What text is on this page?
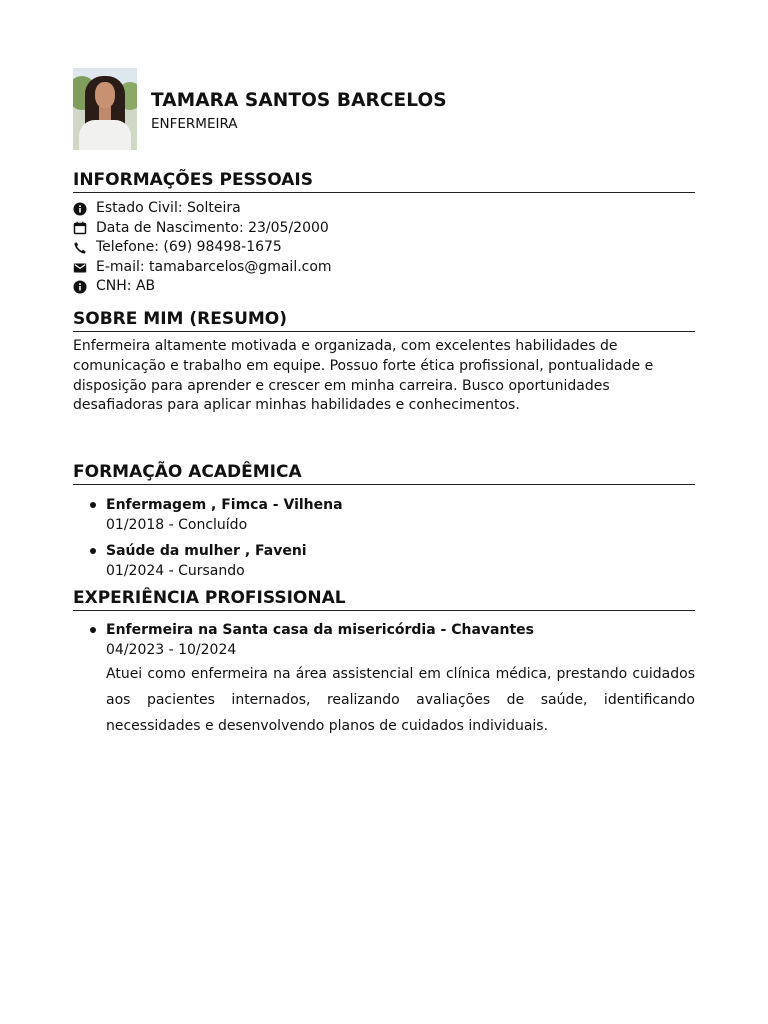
TAMARA SANTOS BARCELOS
ENFERMEIRA
INFORMAÇÕES PESSOAIS
Estado Civil: Solteira
Data de Nascimento: 23/05/2000
Telefone: (69) 98498-1675
E-mail: tamabarcelos@gmail.com
CNH: AB
SOBRE MIM (RESUMO)
Enfermeira altamente motivada e organizada, com excelentes habilidades de comunicação e trabalho em equipe. Possuo forte ética profissional, pontualidade e disposição para aprender e crescer em minha carreira. Busco oportunidades desafiadoras para aplicar minhas habilidades e conhecimentos.
FORMAÇÃO ACADÊMICA
Enfermagem , Fimca - Vilhena
01/2018 - Concluído
Saúde da mulher , Faveni
01/2024 - Cursando
EXPERIÊNCIA PROFISSIONAL
Enfermeira na Santa casa da misericórdia - Chavantes
04/2023 - 10/2024
Atuei como enfermeira na área assistencial em clínica médica, prestando cuidados aos pacientes internados, realizando avaliações de saúde, identificando necessidades e desenvolvendo planos de cuidados individuais.
